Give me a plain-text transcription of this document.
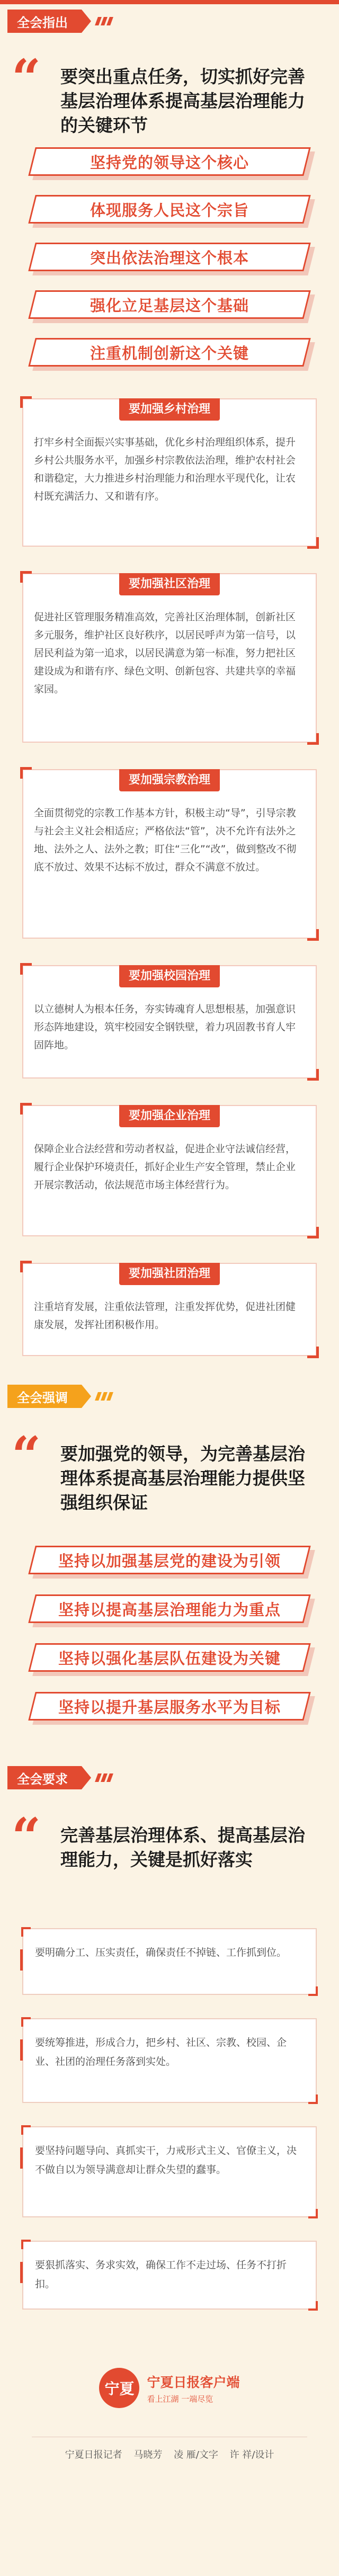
全会指出
“ 要突出重点任务，切实抓好完善基层治理体系提高基层治理能力的关键环节
坚持党的领导这个核心
体现服务人民这个宗旨
突出依法治理这个根本
强化立足基层这个基础
注重机制创新这个关键
要加强乡村治理
打牢乡村全面振兴实事基础，优化乡村治理组织体系，提升乡村公共服务水平，加强乡村宗教依法治理，维护农村社会和谐稳定，大力推进乡村治理能力和治理水平现代化，让农村既充满活力、又和谐有序。
要加强社区治理
促进社区管理服务精准高效，完善社区治理体制，创新社区多元服务，维护社区良好秩序，以居民呼声为第一信号，以居民利益为第一追求，以居民满意为第一标准，努力把社区建设成为和谐有序、绿色文明、创新包容、共建共享的幸福家园。
要加强宗教治理
全面贯彻党的宗教工作基本方针，积极主动“导”，引导宗教与社会主义社会相适应；严格依法“管”，决不允许有法外之地、法外之人、法外之教；盯住“三化”“改”，做到整改不彻底不放过、效果不达标不放过，群众不满意不放过。
要加强校园治理
以立德树人为根本任务，夯实铸魂育人思想根基，加强意识形态阵地建设，筑牢校园安全钢铁壁，着力巩固教书育人牢固阵地。
要加强企业治理
保障企业合法经营和劳动者权益，促进企业守法诚信经营，履行企业保护环境责任，抓好企业生产安全管理，禁止企业开展宗教活动，依法规范市场主体经营行为。
要加强社团治理
注重培育发展，注重依法管理，注重发挥优势，促进社团健康发展，发挥社团积极作用。
全会强调
“ 要加强党的领导，为完善基层治理体系提高基层治理能力提供坚强组织保证
坚持以加强基层党的建设为引领
坚持以提高基层治理能力为重点
坚持以强化基层队伍建设为关键
坚持以提升基层服务水平为目标
全会要求
“ 完善基层治理体系、提高基层治理能力，关键是抓好落实
要明确分工、压实责任，确保责任不掉链、工作抓到位。
要统筹推进，形成合力，把乡村、社区、宗教、校园、企业、社团的治理任务落到实处。
要坚持问题导向、真抓实干，力戒形式主义、官僚主义，决不做自以为领导满意却让群众失望的蠢事。
要狠抓落实、务求实效，确保工作不走过场、任务不打折扣。
宁夏 宁夏日报客户端
看上江湖 一端尽览
宁夏日报记者 马晓芳 凌 雁/文字 许 祥/设计
